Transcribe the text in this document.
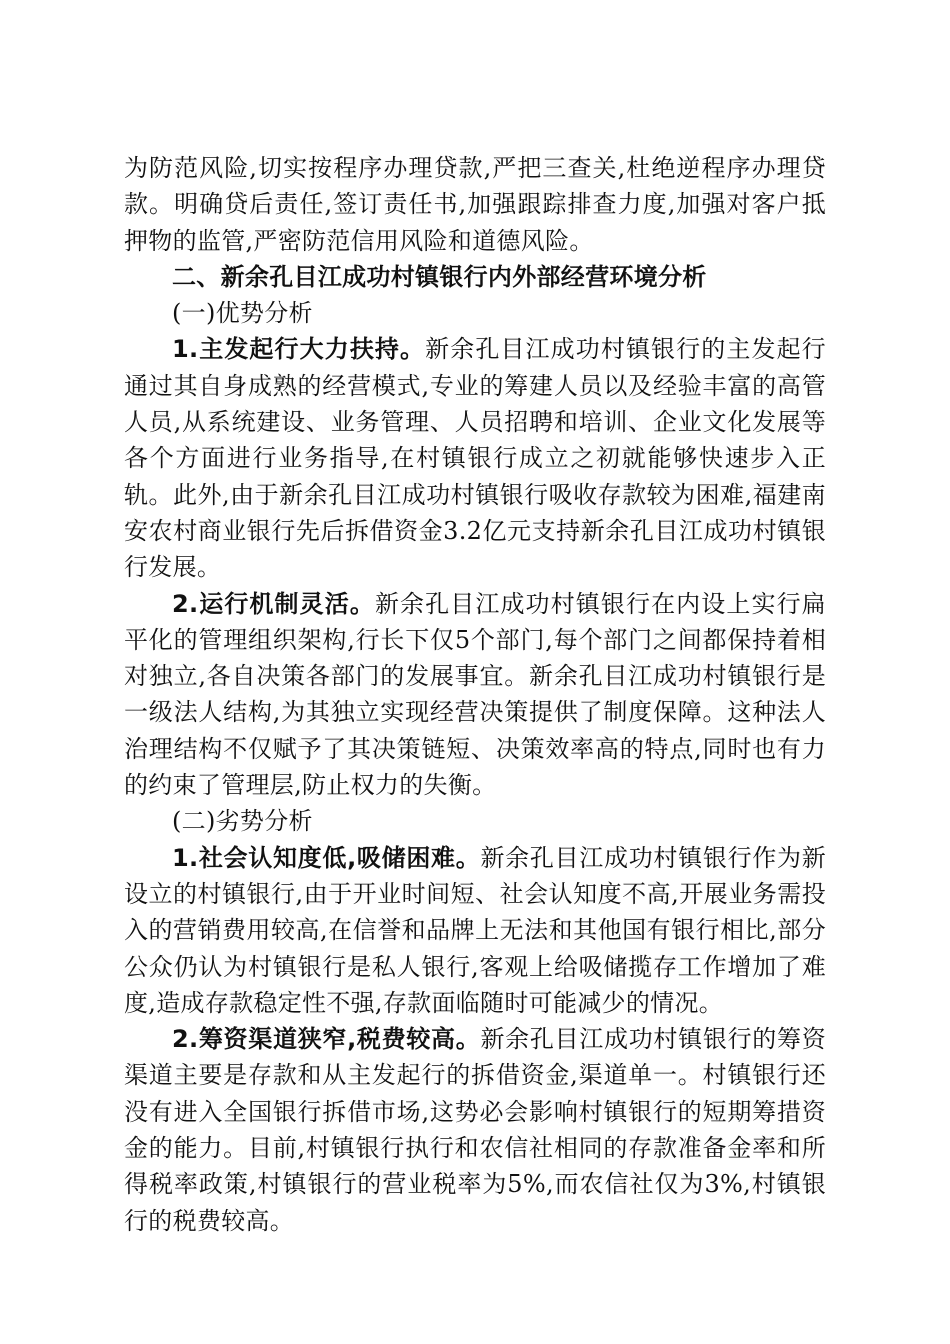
为防范风险,切实按程序办理贷款,严把三查关,杜绝逆程序办理贷款。明确贷后责任,签订责任书,加强跟踪排查力度,加强对客户抵押物的监管,严密防范信用风险和道德风险。

二、新余孔目江成功村镇银行内外部经营环境分析

(一)优势分析

1.主发起行大力扶持。新余孔目江成功村镇银行的主发起行通过其自身成熟的经营模式,专业的筹建人员以及经验丰富的高管人员,从系统建设、业务管理、人员招聘和培训、企业文化发展等各个方面进行业务指导,在村镇银行成立之初就能够快速步入正轨。此外,由于新余孔目江成功村镇银行吸收存款较为困难,福建南安农村商业银行先后拆借资金3.2亿元支持新余孔目江成功村镇银行发展。

2.运行机制灵活。新余孔目江成功村镇银行在内设上实行扁平化的管理组织架构,行长下仅5个部门,每个部门之间都保持着相对独立,各自决策各部门的发展事宜。新余孔目江成功村镇银行是一级法人结构,为其独立实现经营决策提供了制度保障。这种法人治理结构不仅赋予了其决策链短、决策效率高的特点,同时也有力的约束了管理层,防止权力的失衡。

(二)劣势分析

1.社会认知度低,吸储困难。新余孔目江成功村镇银行作为新设立的村镇银行,由于开业时间短、社会认知度不高,开展业务需投入的营销费用较高,在信誉和品牌上无法和其他国有银行相比,部分公众仍认为村镇银行是私人银行,客观上给吸储揽存工作增加了难度,造成存款稳定性不强,存款面临随时可能减少的情况。

2.筹资渠道狭窄,税费较高。新余孔目江成功村镇银行的筹资渠道主要是存款和从主发起行的拆借资金,渠道单一。村镇银行还没有进入全国银行拆借市场,这势必会影响村镇银行的短期筹措资金的能力。目前,村镇银行执行和农信社相同的存款准备金率和所得税率政策,村镇银行的营业税率为5%,而农信社仅为3%,村镇银行的税费较高。
